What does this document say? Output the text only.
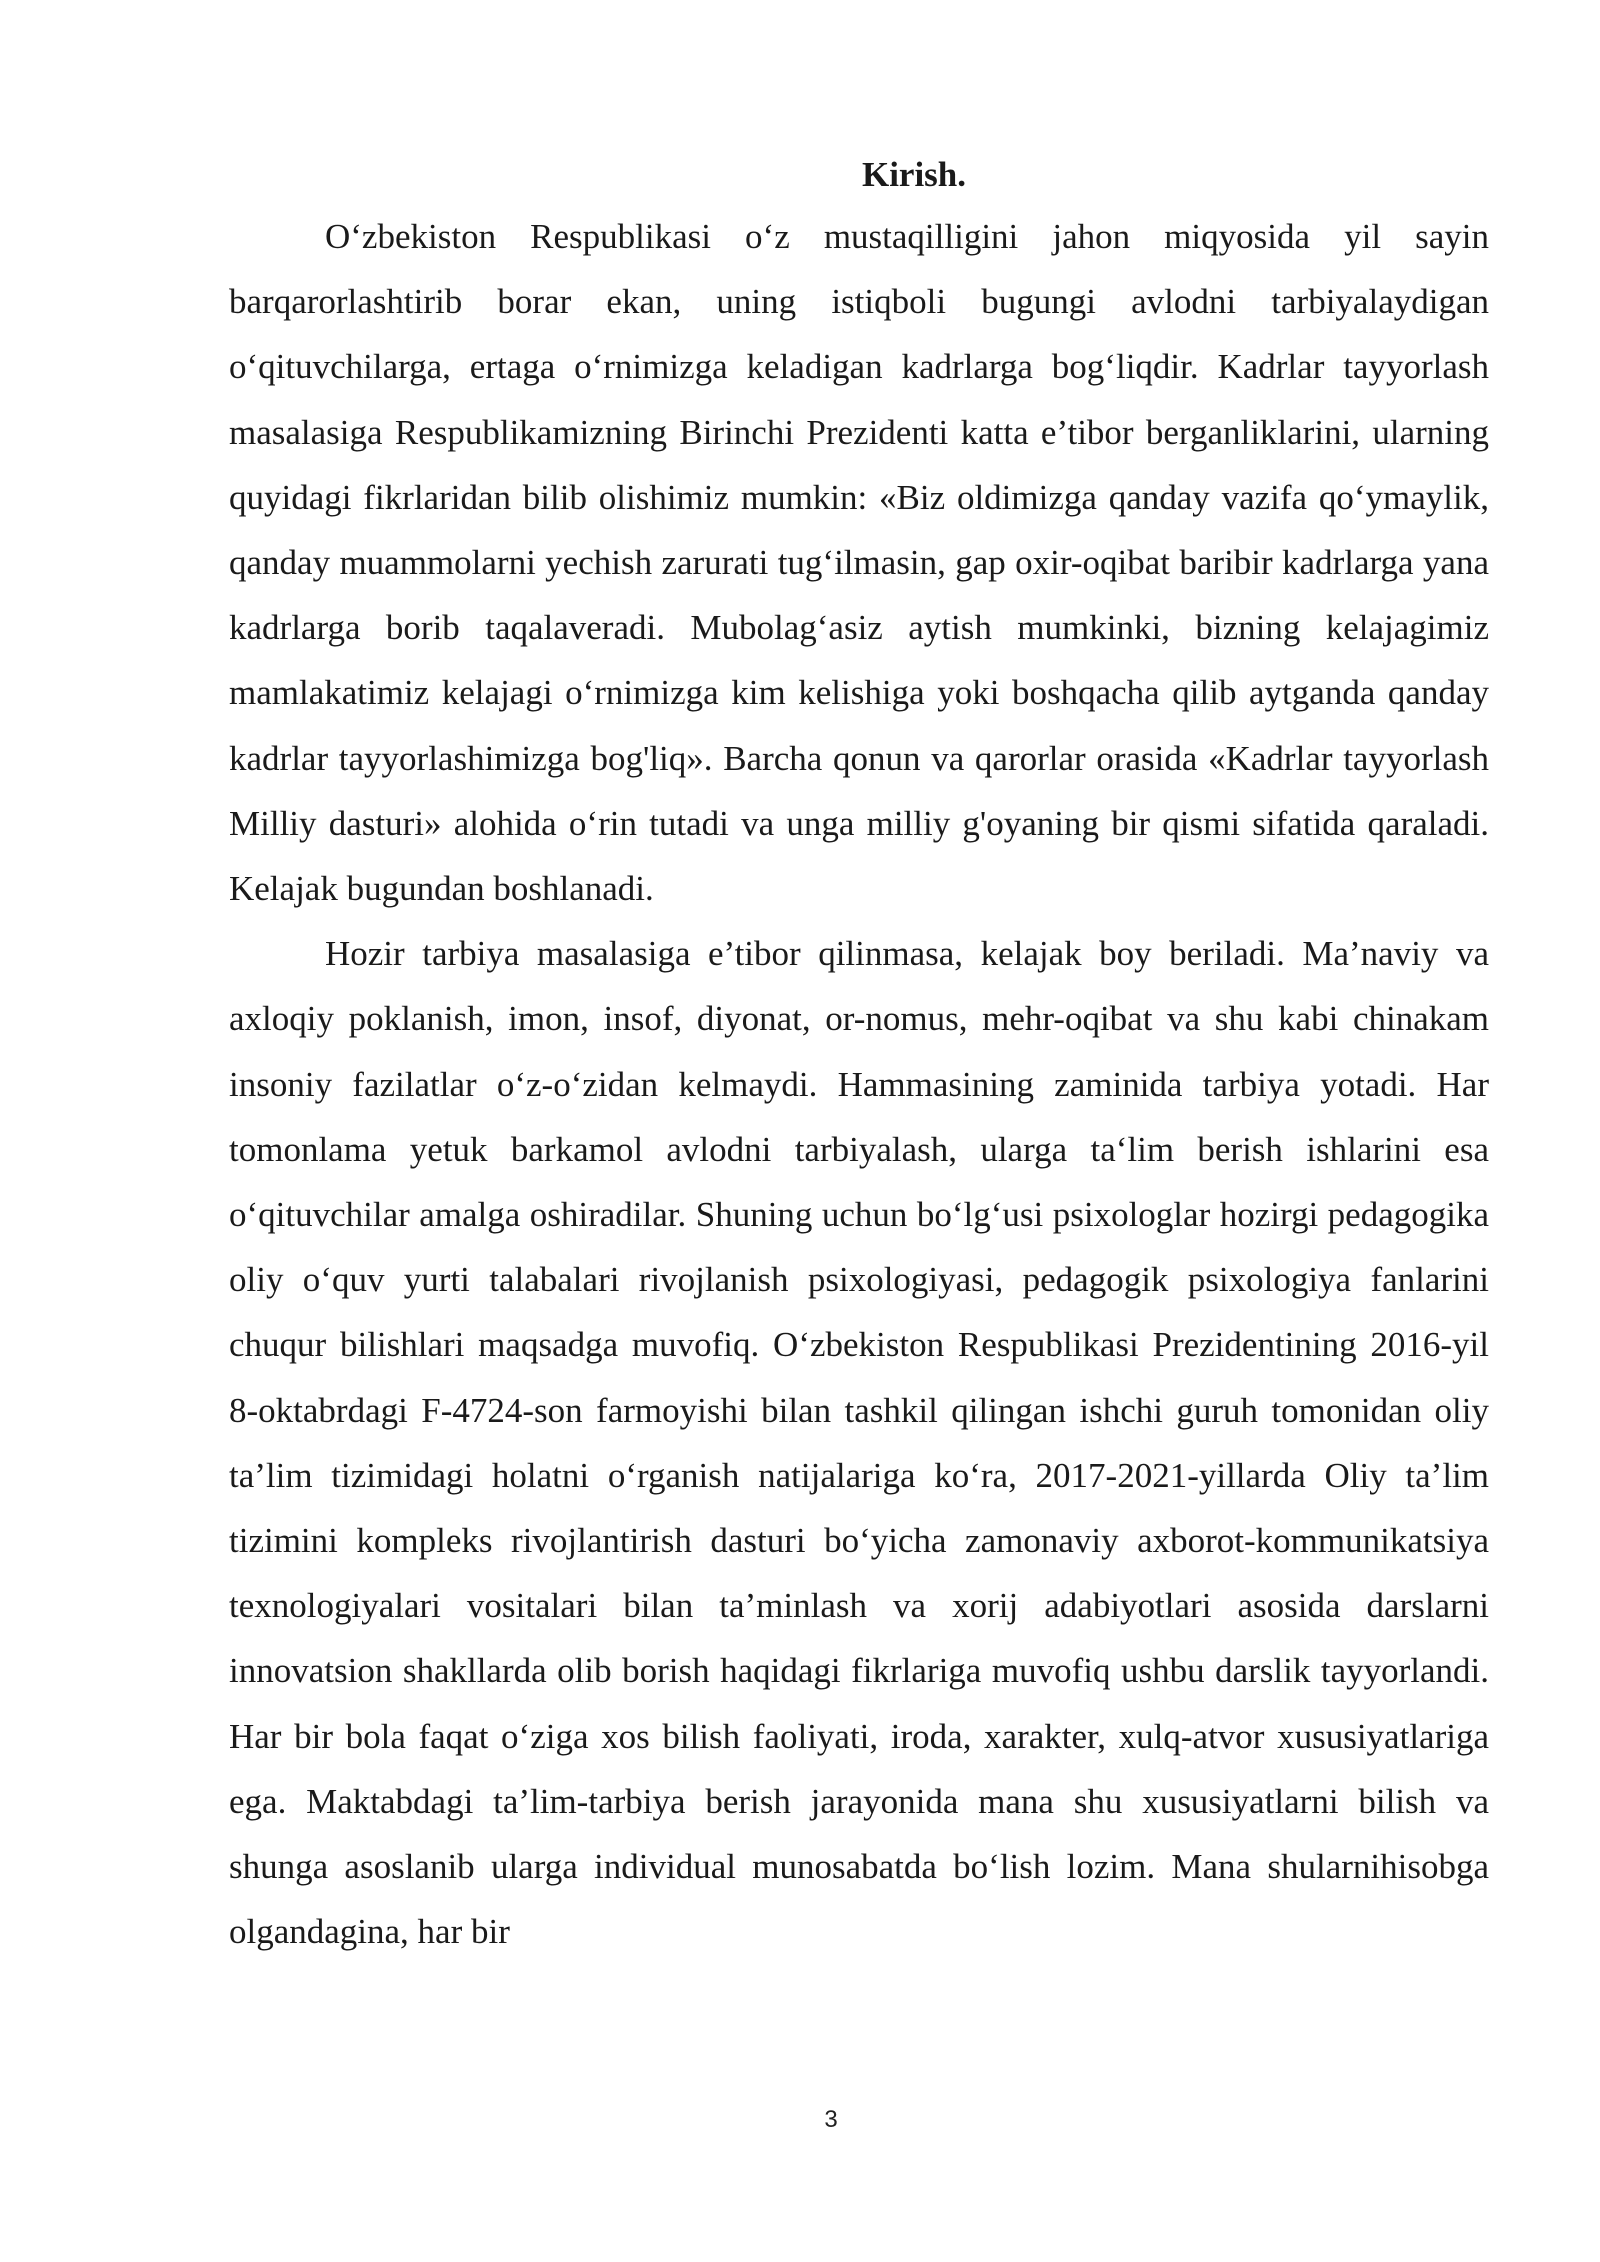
Kirish.

O‘zbekiston Respublikasi o‘z mustaqilligini jahon miqyosida yil sayin barqarorlashtirib borar ekan, uning istiqboli bugungi avlodni tarbiyalaydigan o‘qituvchilarga, ertaga o‘rnimizga keladigan kadrlarga bog‘liqdir. Kadrlar tayyorlash masalasiga Respublikamizning Birinchi Prezidenti katta e’tibor berganliklarini, ularning quyidagi fikrlaridan bilib olishimiz mumkin: «Biz oldimizga qanday vazifa qo‘ymaylik, qanday muammolarni yechish zarurati tug‘ilmasin, gap oxir-oqibat baribir kadrlarga yana kadrlarga borib taqalaveradi. Mubolag‘asiz aytish mumkinki, bizning kelajagimiz mamlakatimiz kelajagi o‘rnimizga kim kelishiga yoki boshqacha qilib aytganda qanday kadrlar tayyorlashimizga bog'liq». Barcha qonun va qarorlar orasida «Kadrlar tayyorlash Milliy dasturi» alohida o‘rin tutadi va unga milliy g'oyaning bir qismi sifatida qaraladi. Kelajak bugundan boshlanadi.

Hozir tarbiya masalasiga e’tibor qilinmasa, kelajak boy beriladi. Ma’naviy va axloqiy poklanish, imon, insof, diyonat, or-nomus, mehr-oqibat va shu kabi chinakam insoniy fazilatlar o‘z-o‘zidan kelmaydi. Hammasining zaminida tarbiya yotadi. Har tomonlama yetuk barkamol avlodni tarbiyalash, ularga ta‘lim berish ishlarini esa o‘qituvchilar amalga oshiradilar. Shuning uchun bo‘lg‘usi psixologlar hozirgi pedagogika oliy o‘quv yurti talabalari rivojlanish psixologiyasi, pedagogik psixologiya fanlarini chuqur bilishlari maqsadga muvofiq. O‘zbekiston Respublikasi Prezidentining 2016-yil 8-oktabrdagi F-4724-son farmoyishi bilan tashkil qilingan ishchi guruh tomonidan oliy ta’lim tizimidagi holatni o‘rganish natijalariga ko‘ra, 2017-2021-yillarda Oliy ta’lim tizimini kompleks rivojlantirish dasturi bo‘yicha zamonaviy axborot-kommunikatsiya texnologiyalari vositalari bilan ta’minlash va xorij adabiyotlari asosida darslarni innovatsion shakllarda olib borish haqidagi fikrlariga muvofiq ushbu darslik tayyorlandi. Har bir bola faqat o‘ziga xos bilish faoliyati, iroda, xarakter, xulq-atvor xususiyatlariga ega. Maktabdagi ta’lim-tarbiya berish jarayonida mana shu xususiyatlarni bilish va shunga asoslanib ularga individual munosabatda bo‘lish lozim. Mana shularnihisobga olgandagina, har bir

3
